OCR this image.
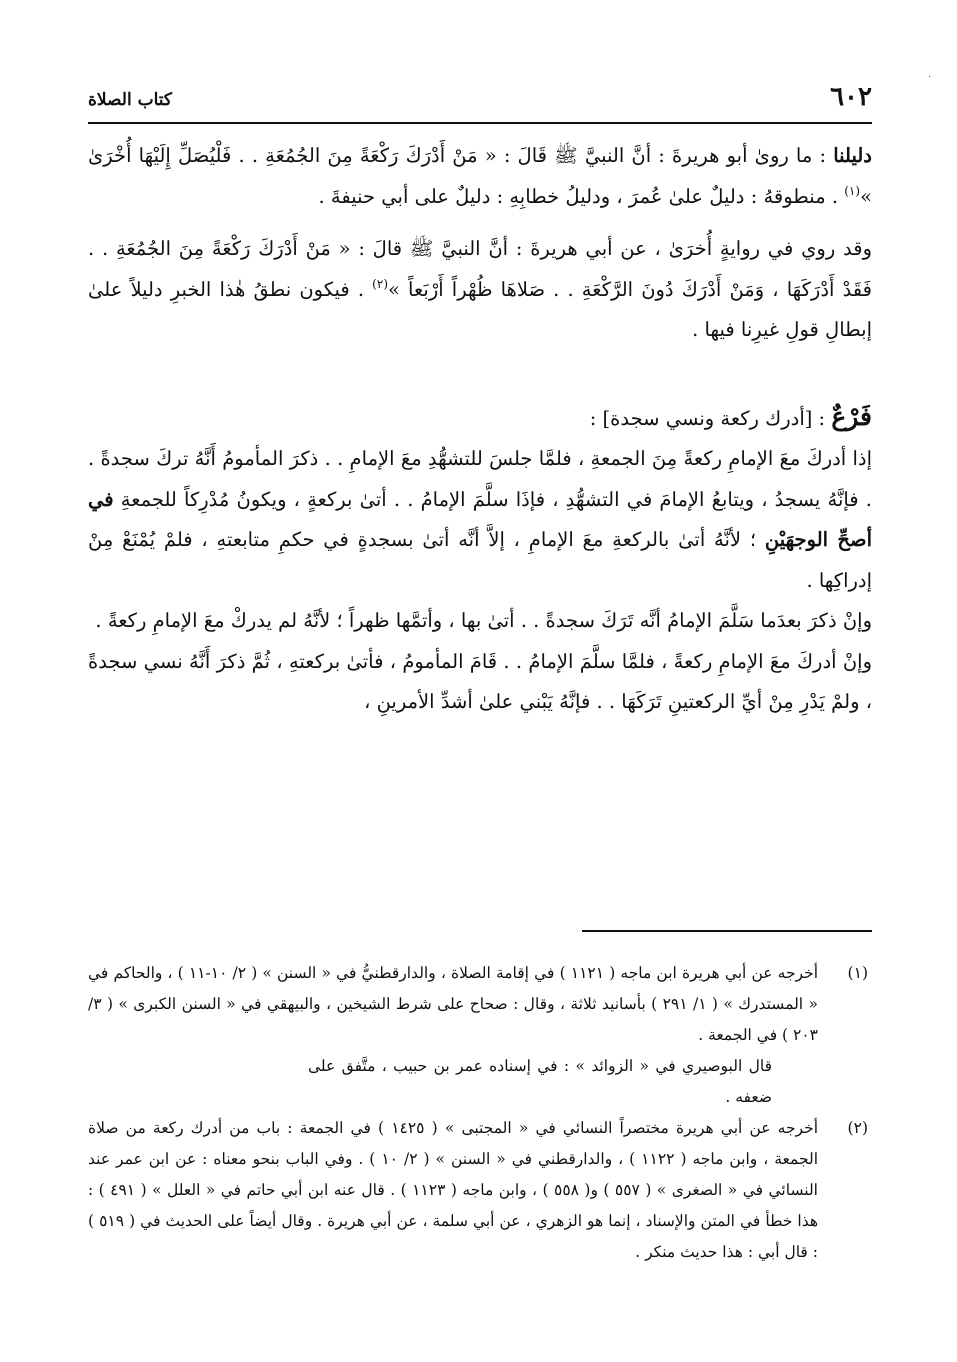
كتاب الصلاة	٦٠٢
·

دليلنا : ما روىٰ أبو هريرةَ : أنَّ النبيَّ ﷺ قَالَ : « مَنْ أَدْرَكَ رَكْعَةً مِنَ الجُمُعَةِ . . فَلْيُصَلِّ إِلَيْهَا أُخْرَىٰ »$^{(١)}$ . منطوقهُ : دليلٌ علىٰ عُمرَ ، ودليلُ خطابِهِ : دليلٌ على أبي حنيفةَ .

وقد روي في روايةٍ أُخرَىٰ ، عن أبي هريرةَ : أنَّ النبيَّ ﷺ قالَ : « مَنْ أَدْرَكَ رَكْعَةً مِنَ الجُمُعَةِ . . فَقَدْ أَدْرَكَهَا ، وَمَنْ أَدْرَكَ دُونَ الرَّكْعَةِ . . صَلاهَا ظُهْراً أَرْبَعاً »$^{(٢)}$ . فيكون نطقُ هٰذا الخبرِ دليلاً علىٰ إبطالِ قولِ غيرِنا فيها .

فَرْعٌ : [أدرك ركعة ونسي سجدة] :

إذا أدركَ معَ الإمامِ ركعةً مِنَ الجمعةِ ، فلمَّا جلسَ للتشهُّدِ معَ الإمامِ . . ذكرَ المأمومُ أَنَّهُ تركَ سجدةً . . فإنَّهُ يسجدُ ، ويتابعُ الإمامَ في التشهُّدِ ، فإذَا سلَّمَ الإمامُ . . أتىٰ بركعةٍ ، ويكونُ مُدْرِكاً للجمعةِ في أصحِّ الوجهَيْنِ ؛ لأنَّهُ أتىٰ بالركعةِ معَ الإمامِ ، إلاَّ أنَّه أتىٰ بسجدةٍ في حكمِ متابعتهِ ، فلمْ يُمْنَعْ مِنْ إدراكِها .

وإنْ ذكرَ بعدَما سَلَّمَ الإمامُ أنَّه تَرَكَ سجدةً . . أتىٰ بها ، وأتمَّها ظهراً ؛ لأنَّهُ لم يدركْ معَ الإمامِ ركعةً .

وإنْ أدركَ معَ الإمامِ ركعةً ، فلمَّا سلَّمَ الإمامُ . . قَامَ المأمومُ ، فأتىٰ بركعتهِ ، ثُمَّ ذكرَ أَنَّهُ نسي سجدةً ، ولمْ يَدْرِ مِنْ أيِّ الركعتينِ تَرَكَهَا . . فإنَّهُ يَبْني علىٰ أشدِّ الأمرينِ ،

(١)
أخرجه عن أبي هريرة ابن ماجه ( ١١٢١ ) في إقامة الصلاة ، والدارقطنيُّ في « السنن » ( ٢/ ١٠-١١ ) ، والحاكم في « المستدرك » ( ١/ ٢٩١ ) بأسانيد ثلاثة ، وقال : صحاح على شرط الشيخين ، والبيهقي في « السنن الكبرى » ( ٣/ ٢٠٣ ) في الجمعة .
قال البوصيري في « الزوائد » : في إسناده عمر بن حبيب ، متَّفق على ضعفه .

(٢)
أخرجه عن أبي هريرة مختصراً النسائي في « المجتبى » ( ١٤٢٥ ) في الجمعة : باب من أدرك ركعة من صلاة الجمعة ، وابن ماجه ( ١١٢٢ ) ، والدارقطني في « السنن » ( ٢/ ١٠ ) . وفي الباب بنحو معناه : عن ابن عمر عند النسائي في « الصغرى » ( ٥٥٧ ) و( ٥٥٨ ) ، وابن ماجه ( ١١٢٣ ) . قال عنه ابن أبي حاتم في « العلل » ( ٤٩١ ) : هذا خطأ في المتن والإسناد ، إنما هو الزهري ، عن أبي سلمة ، عن أبي هريرة . وقال أيضاً على الحديث في ( ٥١٩ ) : قال أبي : هذا حديث منكر .
